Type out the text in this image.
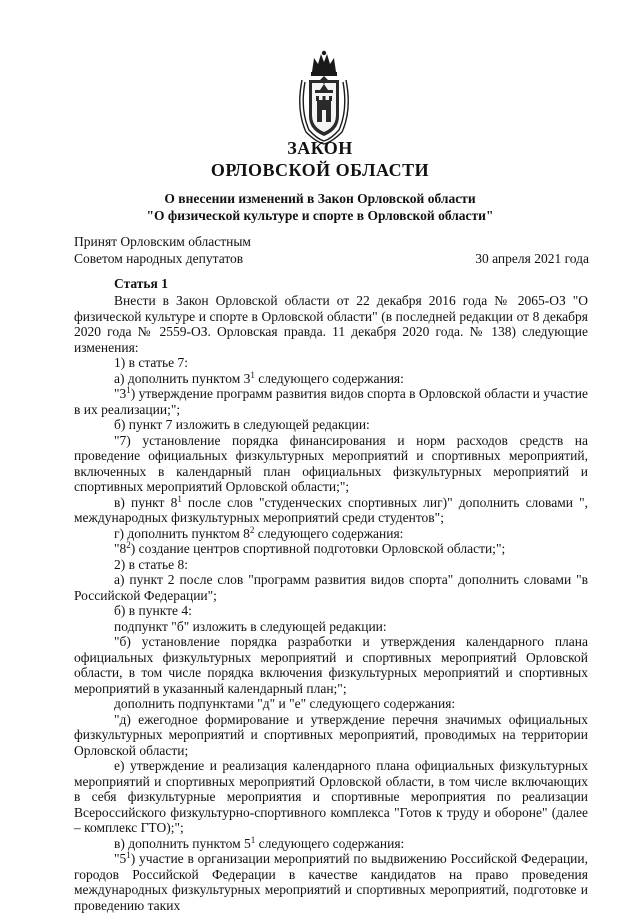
ЗАКОН
ОРЛОВСКОЙ ОБЛАСТИ
О внесении изменений в Закон Орловской области
"О физической культуре и спорте в Орловской области"
Принят Орловским областным
Советом народных депутатов	30 апреля 2021 года
Статья 1

Внести в Закон Орловской области от 22 декабря 2016 года № 2065-ОЗ "О физической культуре и спорте в Орловской области" (в последней редакции от 8 декабря 2020 года № 2559-ОЗ. Орловская правда. 11 декабря 2020 года. № 138) следующие изменения:

1) в статье 7:

а) дополнить пунктом $3^1$ следующего содержания:

"$3^1$) утверждение программ развития видов спорта в Орловской области и участие в их реализации;";

б) пункт 7 изложить в следующей редакции:

"7) установление порядка финансирования и норм расходов средств на проведение официальных физкультурных мероприятий и спортивных мероприятий, включенных в календарный план официальных физкультурных мероприятий и спортивных мероприятий Орловской области;";

в) пункт $8^1$ после слов "студенческих спортивных лиг)" дополнить словами ", международных физкультурных мероприятий среди студентов";

г) дополнить пунктом $8^2$ следующего содержания:

"$8^2$) создание центров спортивной подготовки Орловской области;";

2) в статье 8:

а) пункт 2 после слов "программ развития видов спорта" дополнить словами "в Российской Федерации";

б) в пункте 4:

подпункт "б" изложить в следующей редакции:

"б) установление порядка разработки и утверждения календарного плана официальных физкультурных мероприятий и спортивных мероприятий Орловской области, в том числе порядка включения физкультурных мероприятий и спортивных мероприятий в указанный календарный план;";

дополнить подпунктами "д" и "е" следующего содержания:

"д) ежегодное формирование и утверждение перечня значимых официальных физкультурных мероприятий и спортивных мероприятий, проводимых на территории Орловской области;

е) утверждение и реализация календарного плана официальных физкультурных мероприятий и спортивных мероприятий Орловской области, в том числе включающих в себя физкультурные мероприятия и спортивные мероприятия по реализации Всероссийского физкультурно-спортивного комплекса "Готов к труду и обороне" (далее – комплекс ГТО);";

в) дополнить пунктом $5^1$ следующего содержания:

"$5^1$) участие в организации мероприятий по выдвижению Российской Федерации, городов Российской Федерации в качестве кандидатов на право проведения международных физкультурных мероприятий и спортивных мероприятий, подготовке и проведению таких
